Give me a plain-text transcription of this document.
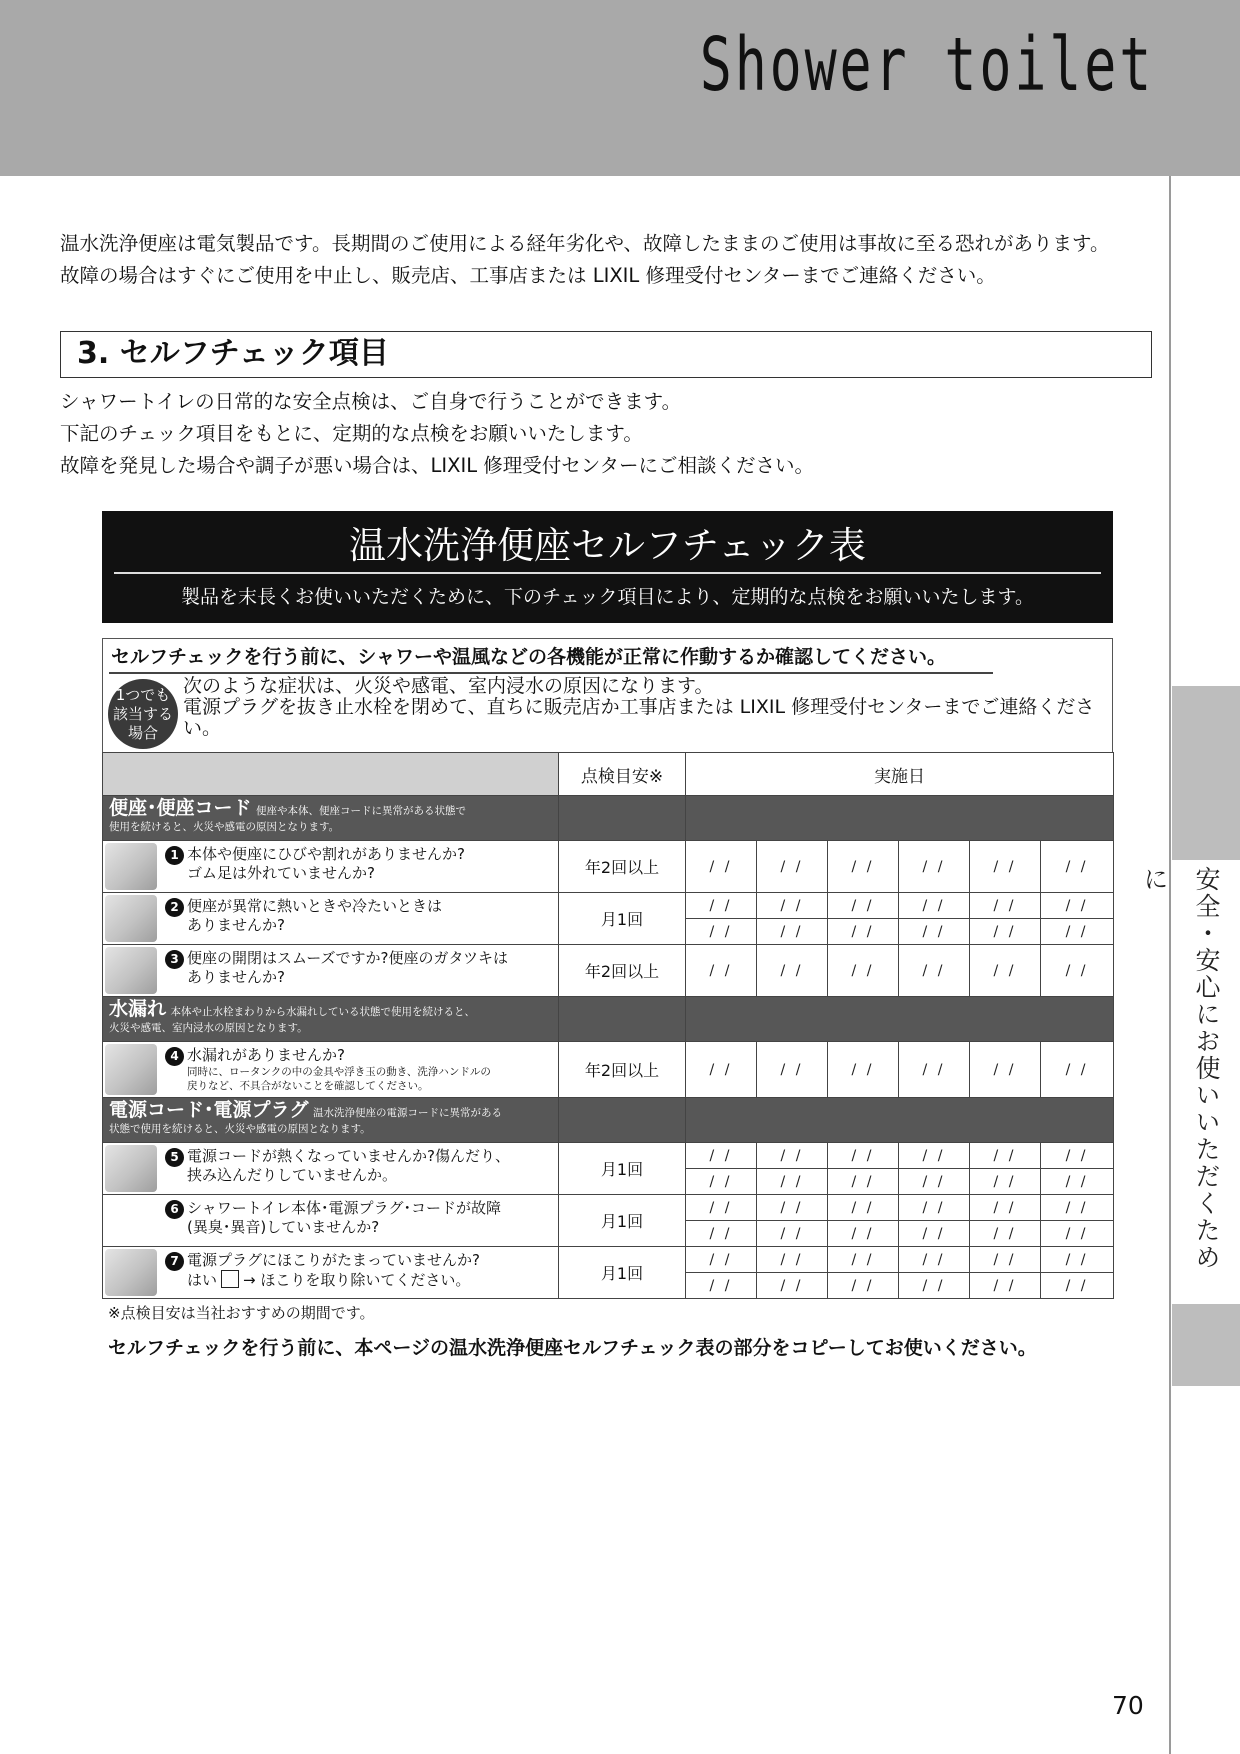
Shower toilet
安全・安心にお使いいただくために
温水洗浄便座は電気製品です。長期間のご使用による経年劣化や、故障したままのご使用は事故に至る恐れがあります。
故障の場合はすぐにご使用を中止し、販売店、工事店または LIXIL 修理受付センターまでご連絡ください。
3. セルフチェック項目
シャワートイレの日常的な安全点検は、ご自身で行うことができます。
下記のチェック項目をもとに、定期的な点検をお願いいたします。
故障を発見した場合や調子が悪い場合は、LIXIL 修理受付センターにご相談ください。
温水洗浄便座セルフチェック表
製品を末長くお使いいただくために、下のチェック項目により、定期的な点検をお願いいたします。
セルフチェックを行う前に、シャワーや温風などの各機能が正常に作動するか確認してください。
1つでも
該当する
場合
次のような症状は、火災や感電、室内浸水の原因になります。
電源プラグを抜き止水栓を閉めて、直ちに販売店か工事店または LIXIL 修理受付センターまでご連絡ください。
	点検目安※	実施日					
便座･便座コード 便座や本体、便座コードに異常がある状態で
使用を続けると、火災や感電の原因となります。							

1 本体や便座にひびや割れがありませんか?
ゴム足は外れていませんか?	年2回以上	/ /	/ /	/ /	/ /	/ /	/ /

2 便座が異常に熱いときや冷たいときは
ありませんか?	月1回	/ /	/ /	/ /	/ /	/ /	/ /
		/ /	/ /	/ /	/ /	/ /	/ /

3 便座の開閉はスムーズですか?便座のガタツキは
ありませんか?	年2回以上	/ /	/ /	/ /	/ /	/ /	/ /
水漏れ 本体や止水栓まわりから水漏れしている状態で使用を続けると、
火災や感電、室内浸水の原因となります。							

4 水漏れがありませんか?
同時に、ロータンクの中の金具や浮き玉の動き、洗浄ハンドルの
戻りなど、不具合がないことを確認してください。	年2回以上	/ /	/ /	/ /	/ /	/ /	/ /
電源コード･電源プラグ 温水洗浄便座の電源コードに異常がある
状態で使用を続けると、火災や感電の原因となります。							

5 電源コードが熱くなっていませんか?傷んだり、
挟み込んだりしていませんか。	月1回	/ /	/ /	/ /	/ /	/ /	/ /
		/ /	/ /	/ /	/ /	/ /	/ /

6 シャワートイレ本体･電源プラグ･コードが故障
(異臭･異音)していませんか?	月1回	/ /	/ /	/ /	/ /	/ /	/ /
		/ /	/ /	/ /	/ /	/ /	/ /

7 電源プラグにほこりがたまっていませんか?
はい → ほこりを取り除いてください。	月1回	/ /	/ /	/ /	/ /	/ /	/ /
		/ /	/ /	/ /	/ /	/ /	/ /
※点検目安は当社おすすめの期間です。
セルフチェックを行う前に、本ページの温水洗浄便座セルフチェック表の部分をコピーしてお使いください。
70
